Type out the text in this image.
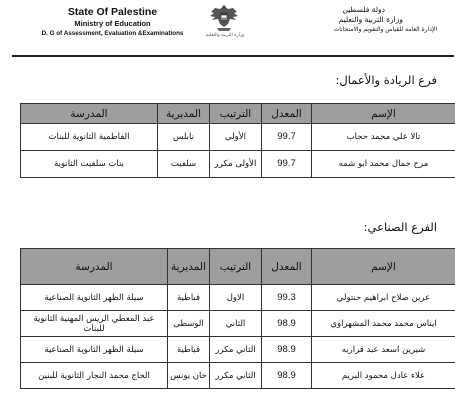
State Of Palestine
Ministry of Education
D. G of Assessment, Evaluation &Examinations	وزارة التربية والتعليم
دولة فلسطين
وزارة التربية والتعليم
الإدارة العامة للقياس والتقويم والامتحانات
فرع الريادة والأعمال:
الإسم	المعدل	الترتيب	المديرية	المدرسة
تالا علي محمد حجاب	99.7	الأولى	نابلس	الفاطمية الثانوية للبنات
مرح جمال محمد ابو شمه	99.7	الأولى مكرر	سلفيت	بنات سلفيت الثانوية
الفرع الصناعي:
الإسم	المعدل	الترتيب	المديرية	المدرسة
عرين صلاح ابراهيم حنتولي	99.3	الاول	قباطية	سيلة الظهر الثانوية الصناعية
ايناس محمد محمد المشهراوي	98.9	الثاني	الوسطى	عبد المعطي الريس المهنية الثانوية للبنات
شيرين اسعد عبد قراريه	98.9	الثاني مكرر	قباطية	سيلة الظهر الثانوية الصناعية
علاء عادل محمود البريم	98.9	الثاني مكرر	خان يونس	الحاج محمد النجار الثانوية للبنين
